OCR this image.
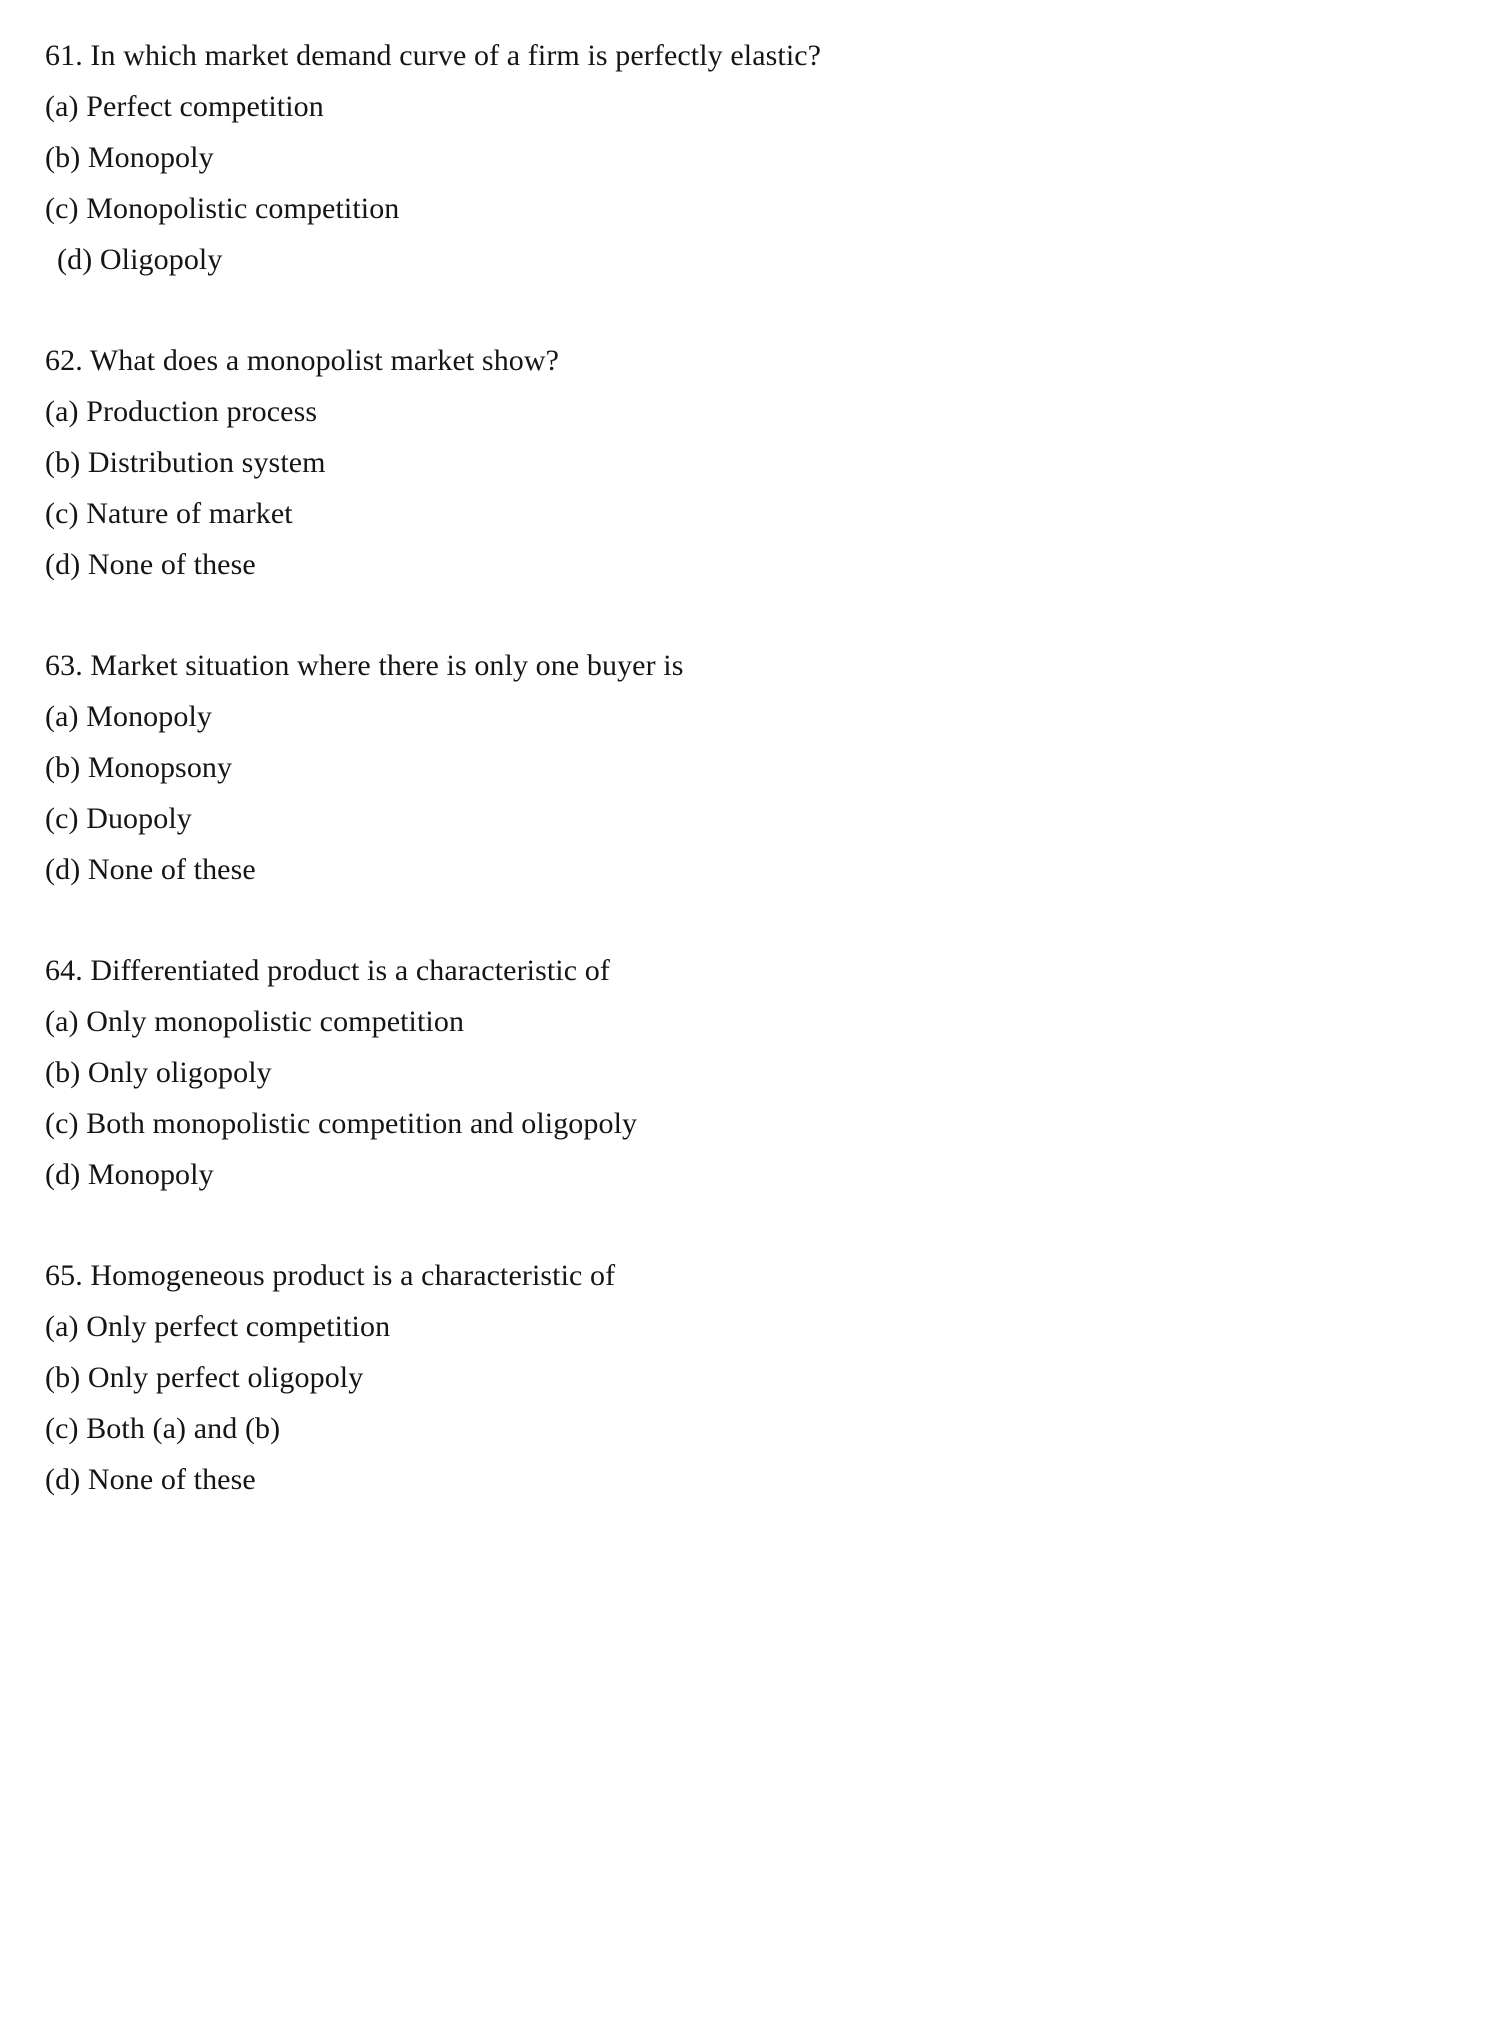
61. In which market demand curve of a firm is perfectly elastic?
(a) Perfect competition
(b) Monopoly
(c) Monopolistic competition
(d) Oligopoly
62. What does a monopolist market show?
(a) Production process
(b) Distribution system
(c) Nature of market
(d) None of these
63. Market situation where there is only one buyer is
(a) Monopoly
(b) Monopsony
(c) Duopoly
(d) None of these
64. Differentiated product is a characteristic of
(a) Only monopolistic competition
(b) Only oligopoly
(c) Both monopolistic competition and oligopoly
(d) Monopoly
65. Homogeneous product is a characteristic of
(a) Only perfect competition
(b) Only perfect oligopoly
(c) Both (a) and (b)
(d) None of these
